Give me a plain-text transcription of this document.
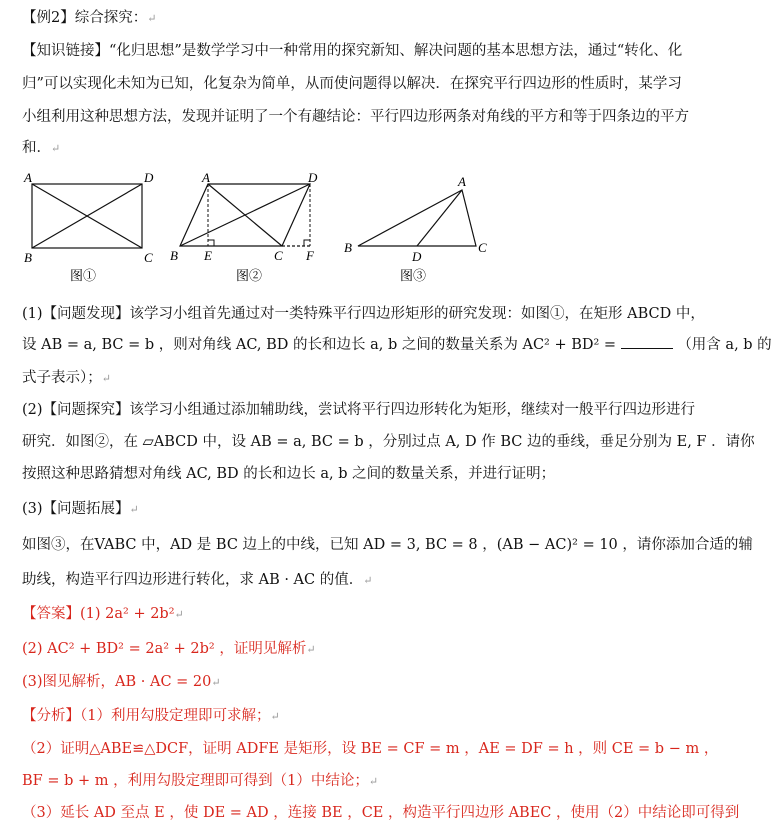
【例2】综合探究：↵
【知识链接】“化归思想”是数学学习中一种常用的探究新知、解决问题的基本思想方法，通过“转化、化
归”可以实现化未知为已知，化复杂为简单，从而使问题得以解决．在探究平行四边形的性质时，某学习
小组利用这种思想方法，发现并证明了一个有趣结论：平行四边形两条对角线的平方和等于四条边的平方
和．↵
A	D
B	C
图①
A	D
B E	C F
图②
A
B
D
C
图③
(1)【问题发现】该学习小组首先通过对一类特殊平行四边形矩形的研究发现：如图①，在矩形 ABCD 中，
设 AB = a, BC = b ，则对角线 AC, BD 的长和边长 a, b 之间的数量关系为 AC² + BD² =	（用含 a, b 的
式子表示）；↵
(2)【问题探究】该学习小组通过添加辅助线，尝试将平行四边形转化为矩形，继续对一般平行四边形进行
研究．如图②，在 ▱ABCD 中，设 AB = a, BC = b ，分别过点 A, D 作 BC 边的垂线，垂足分别为 E, F ．请你
按照这种思路猜想对角线 AC, BD 的长和边长 a, b 之间的数量关系，并进行证明；
(3)【问题拓展】↵
如图③，在VABC 中，AD 是 BC 边上的中线，已知 AD = 3, BC = 8 ，(AB − AC)² = 10 ，请你添加合适的辅
助线，构造平行四边形进行转化，求 AB · AC 的值．↵
【答案】(1) 2a² + 2b²↵
(2) AC² + BD² = 2a² + 2b² ，证明见解析↵
(3)图见解析，AB · AC = 20↵
【分析】（1）利用勾股定理即可求解；↵
（2）证明△ABE≌△DCF，证明 ADFE 是矩形，设 BE = CF = m ，AE = DF = h ，则 CE = b − m ，
BF = b + m ，利用勾股定理即可得到（1）中结论；↵
（3）延长 AD 至点 E ，使 DE = AD ，连接 BE ，CE ，构造平行四边形 ABEC ，使用（2）中结论即可得到
